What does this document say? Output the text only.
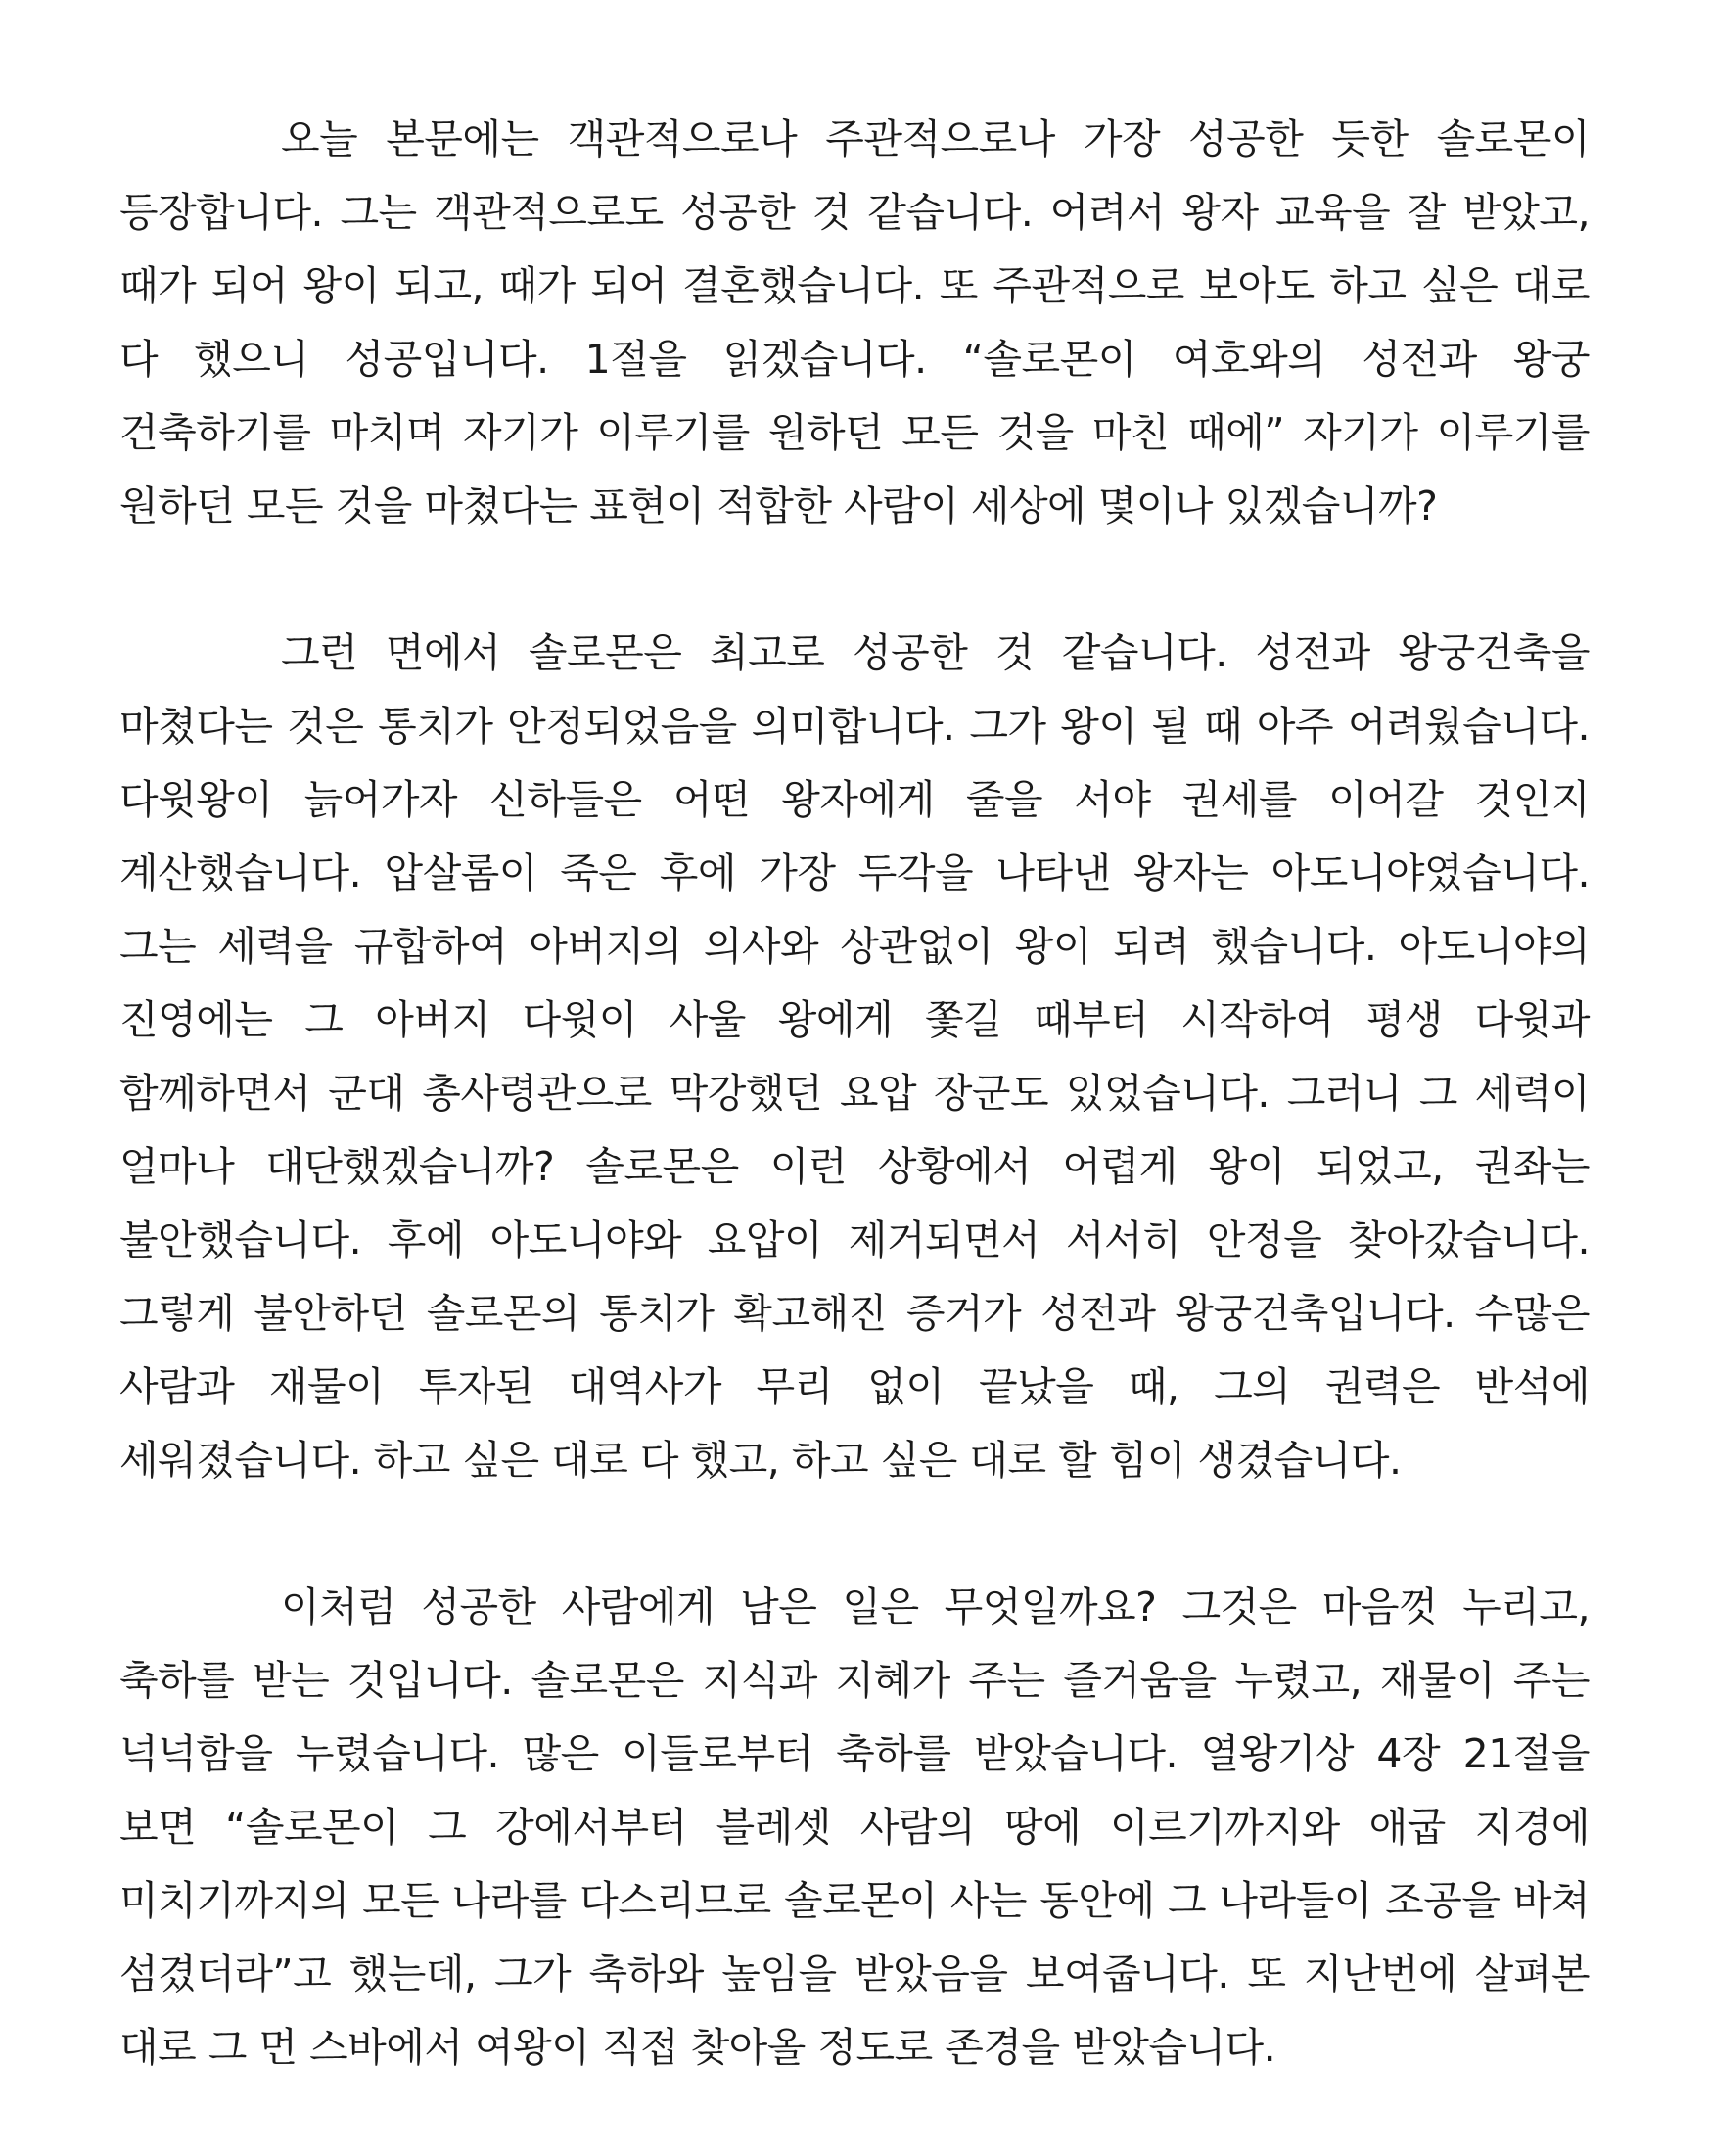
오늘 본문에는 객관적으로나 주관적으로나 가장 성공한 듯한 솔로몬이 등장합니다. 그는 객관적으로도 성공한 것 같습니다. 어려서 왕자 교육을 잘 받았고, 때가 되어 왕이 되고, 때가 되어 결혼했습니다. 또 주관적으로 보아도 하고 싶은 대로 다 했으니 성공입니다. 1절을 읽겠습니다. “솔로몬이 여호와의 성전과 왕궁 건축하기를 마치며 자기가 이루기를 원하던 모든 것을 마친 때에” 자기가 이루기를 원하던 모든 것을 마쳤다는 표현이 적합한 사람이 세상에 몇이나 있겠습니까?

그런 면에서 솔로몬은 최고로 성공한 것 같습니다. 성전과 왕궁건축을 마쳤다는 것은 통치가 안정되었음을 의미합니다. 그가 왕이 될 때 아주 어려웠습니다. 다윗왕이 늙어가자 신하들은 어떤 왕자에게 줄을 서야 권세를 이어갈 것인지 계산했습니다. 압살롬이 죽은 후에 가장 두각을 나타낸 왕자는 아도니야였습니다. 그는 세력을 규합하여 아버지의 의사와 상관없이 왕이 되려 했습니다. 아도니야의 진영에는 그 아버지 다윗이 사울 왕에게 쫓길 때부터 시작하여 평생 다윗과 함께하면서 군대 총사령관으로 막강했던 요압 장군도 있었습니다. 그러니 그 세력이 얼마나 대단했겠습니까? 솔로몬은 이런 상황에서 어렵게 왕이 되었고, 권좌는 불안했습니다. 후에 아도니야와 요압이 제거되면서 서서히 안정을 찾아갔습니다. 그렇게 불안하던 솔로몬의 통치가 확고해진 증거가 성전과 왕궁건축입니다. 수많은 사람과 재물이 투자된 대역사가 무리 없이 끝났을 때, 그의 권력은 반석에 세워졌습니다. 하고 싶은 대로 다 했고, 하고 싶은 대로 할 힘이 생겼습니다.

이처럼 성공한 사람에게 남은 일은 무엇일까요? 그것은 마음껏 누리고, 축하를 받는 것입니다. 솔로몬은 지식과 지혜가 주는 즐거움을 누렸고, 재물이 주는 넉넉함을 누렸습니다. 많은 이들로부터 축하를 받았습니다. 열왕기상 4장 21절을 보면 “솔로몬이 그 강에서부터 블레셋 사람의 땅에 이르기까지와 애굽 지경에 미치기까지의 모든 나라를 다스리므로 솔로몬이 사는 동안에 그 나라들이 조공을 바쳐 섬겼더라”고 했는데, 그가 축하와 높임을 받았음을 보여줍니다. 또 지난번에 살펴본 대로 그 먼 스바에서 여왕이 직접 찾아올 정도로 존경을 받았습니다.
